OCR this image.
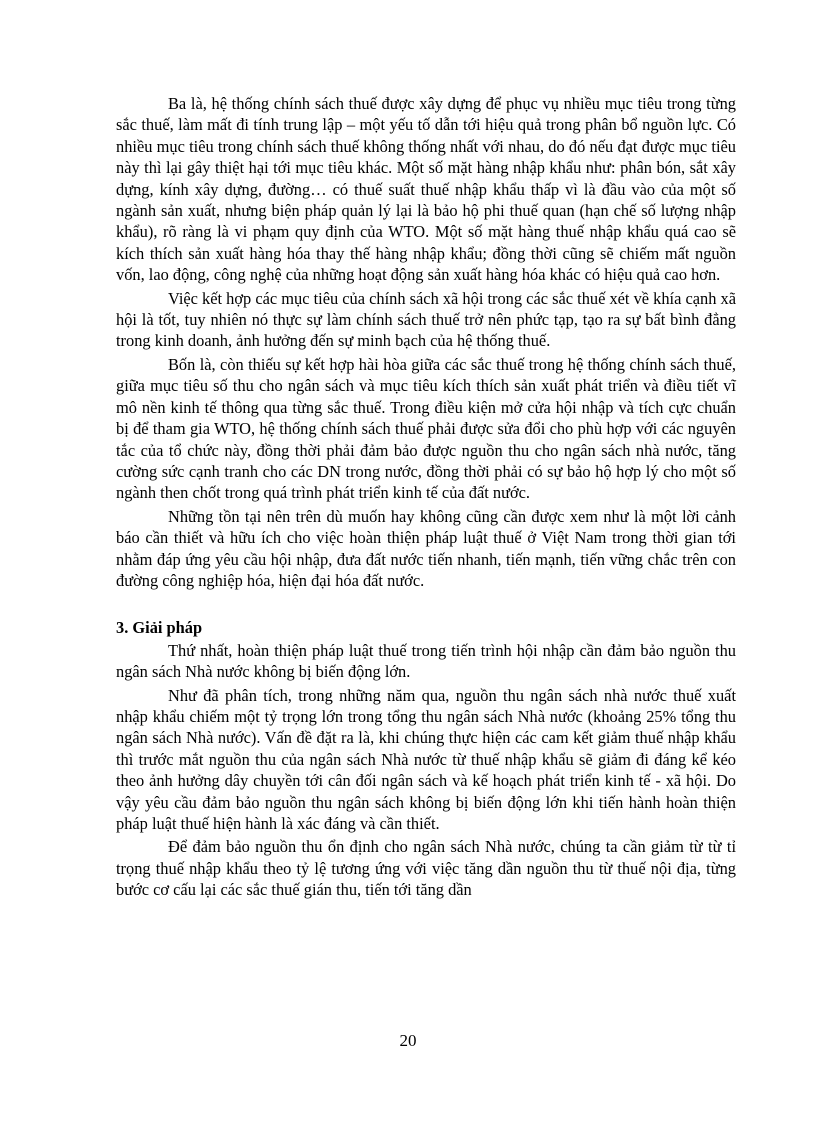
Ba là, hệ thống chính sách thuế được xây dựng để phục vụ nhiều mục tiêu trong từng sắc thuế, làm mất đi tính trung lập – một yếu tố dẫn tới hiệu quả trong phân bổ nguồn lực. Có nhiều mục tiêu trong chính sách thuế không thống nhất với nhau, do đó nếu đạt được mục tiêu này thì lại gây thiệt hại tới mục tiêu khác. Một số mặt hàng nhập khẩu như: phân bón, sắt xây dựng, kính xây dựng, đường… có thuế suất thuế nhập khẩu thấp vì là đầu vào của một số ngành sản xuất, nhưng biện pháp quản lý lại là bảo hộ phi thuế quan (hạn chế số lượng nhập khẩu), rõ ràng là vi phạm quy định của WTO. Một số mặt hàng thuế nhập khẩu quá cao sẽ kích thích sản xuất hàng hóa thay thế hàng nhập khẩu; đồng thời cũng sẽ chiếm mất nguồn vốn, lao động, công nghệ của những hoạt động sản xuất hàng hóa khác có hiệu quả cao hơn.

Việc kết hợp các mục tiêu của chính sách xã hội trong các sắc thuế xét về khía cạnh xã hội là tốt, tuy nhiên nó thực sự làm chính sách thuế trở nên phức tạp, tạo ra sự bất bình đẳng trong kinh doanh, ảnh hưởng đến sự minh bạch của hệ thống thuế.

Bốn là, còn thiếu sự kết hợp hài hòa giữa các sắc thuế trong hệ thống chính sách thuế, giữa mục tiêu số thu cho ngân sách và mục tiêu kích thích sản xuất phát triển và điều tiết vĩ mô nền kinh tế thông qua từng sắc thuế. Trong điều kiện mở cửa hội nhập và tích cực chuẩn bị để tham gia WTO, hệ thống chính sách thuế phải được sửa đổi cho phù hợp với các nguyên tắc của tổ chức này, đồng thời phải đảm bảo được nguồn thu cho ngân sách nhà nước, tăng cường sức cạnh tranh cho các DN trong nước, đồng thời phải có sự bảo hộ hợp lý cho một số ngành then chốt trong quá trình phát triển kinh tế của đất nước.

Những tồn tại nên trên dù muốn hay không cũng cần được xem như là một lời cảnh báo cần thiết và hữu ích cho việc hoàn thiện pháp luật thuế ở Việt Nam trong thời gian tới nhằm đáp ứng yêu cầu hội nhập, đưa đất nước tiến nhanh, tiến mạnh, tiến vững chắc trên con đường công nghiệp hóa, hiện đại hóa đất nước.

3. Giải pháp

Thứ nhất, hoàn thiện pháp luật thuế trong tiến trình hội nhập cần đảm bảo nguồn thu ngân sách Nhà nước không bị biến động lớn.

Như đã phân tích, trong những năm qua, nguồn thu ngân sách nhà nước thuế xuất nhập khẩu chiếm một tỷ trọng lớn trong tổng thu ngân sách Nhà nước (khoảng 25% tổng thu ngân sách Nhà nước). Vấn đề đặt ra là, khi chúng thực hiện các cam kết giảm thuế nhập khẩu thì trước mắt nguồn thu của ngân sách Nhà nước từ thuế nhập khẩu sẽ giảm đi đáng kể kéo theo ảnh hưởng dây chuyền tới cân đối ngân sách và kế hoạch phát triển kinh tế - xã hội. Do vậy yêu cầu đảm bảo nguồn thu ngân sách không bị biến động lớn khi tiến hành hoàn thiện pháp luật thuế hiện hành là xác đáng và cần thiết.

Để đảm bảo nguồn thu ổn định cho ngân sách Nhà nước, chúng ta cần giảm từ từ tỉ trọng thuế nhập khẩu theo tỷ lệ tương ứng với việc tăng dần nguồn thu từ thuế nội địa, từng bước cơ cấu lại các sắc thuế gián thu, tiến tới tăng dần

20
